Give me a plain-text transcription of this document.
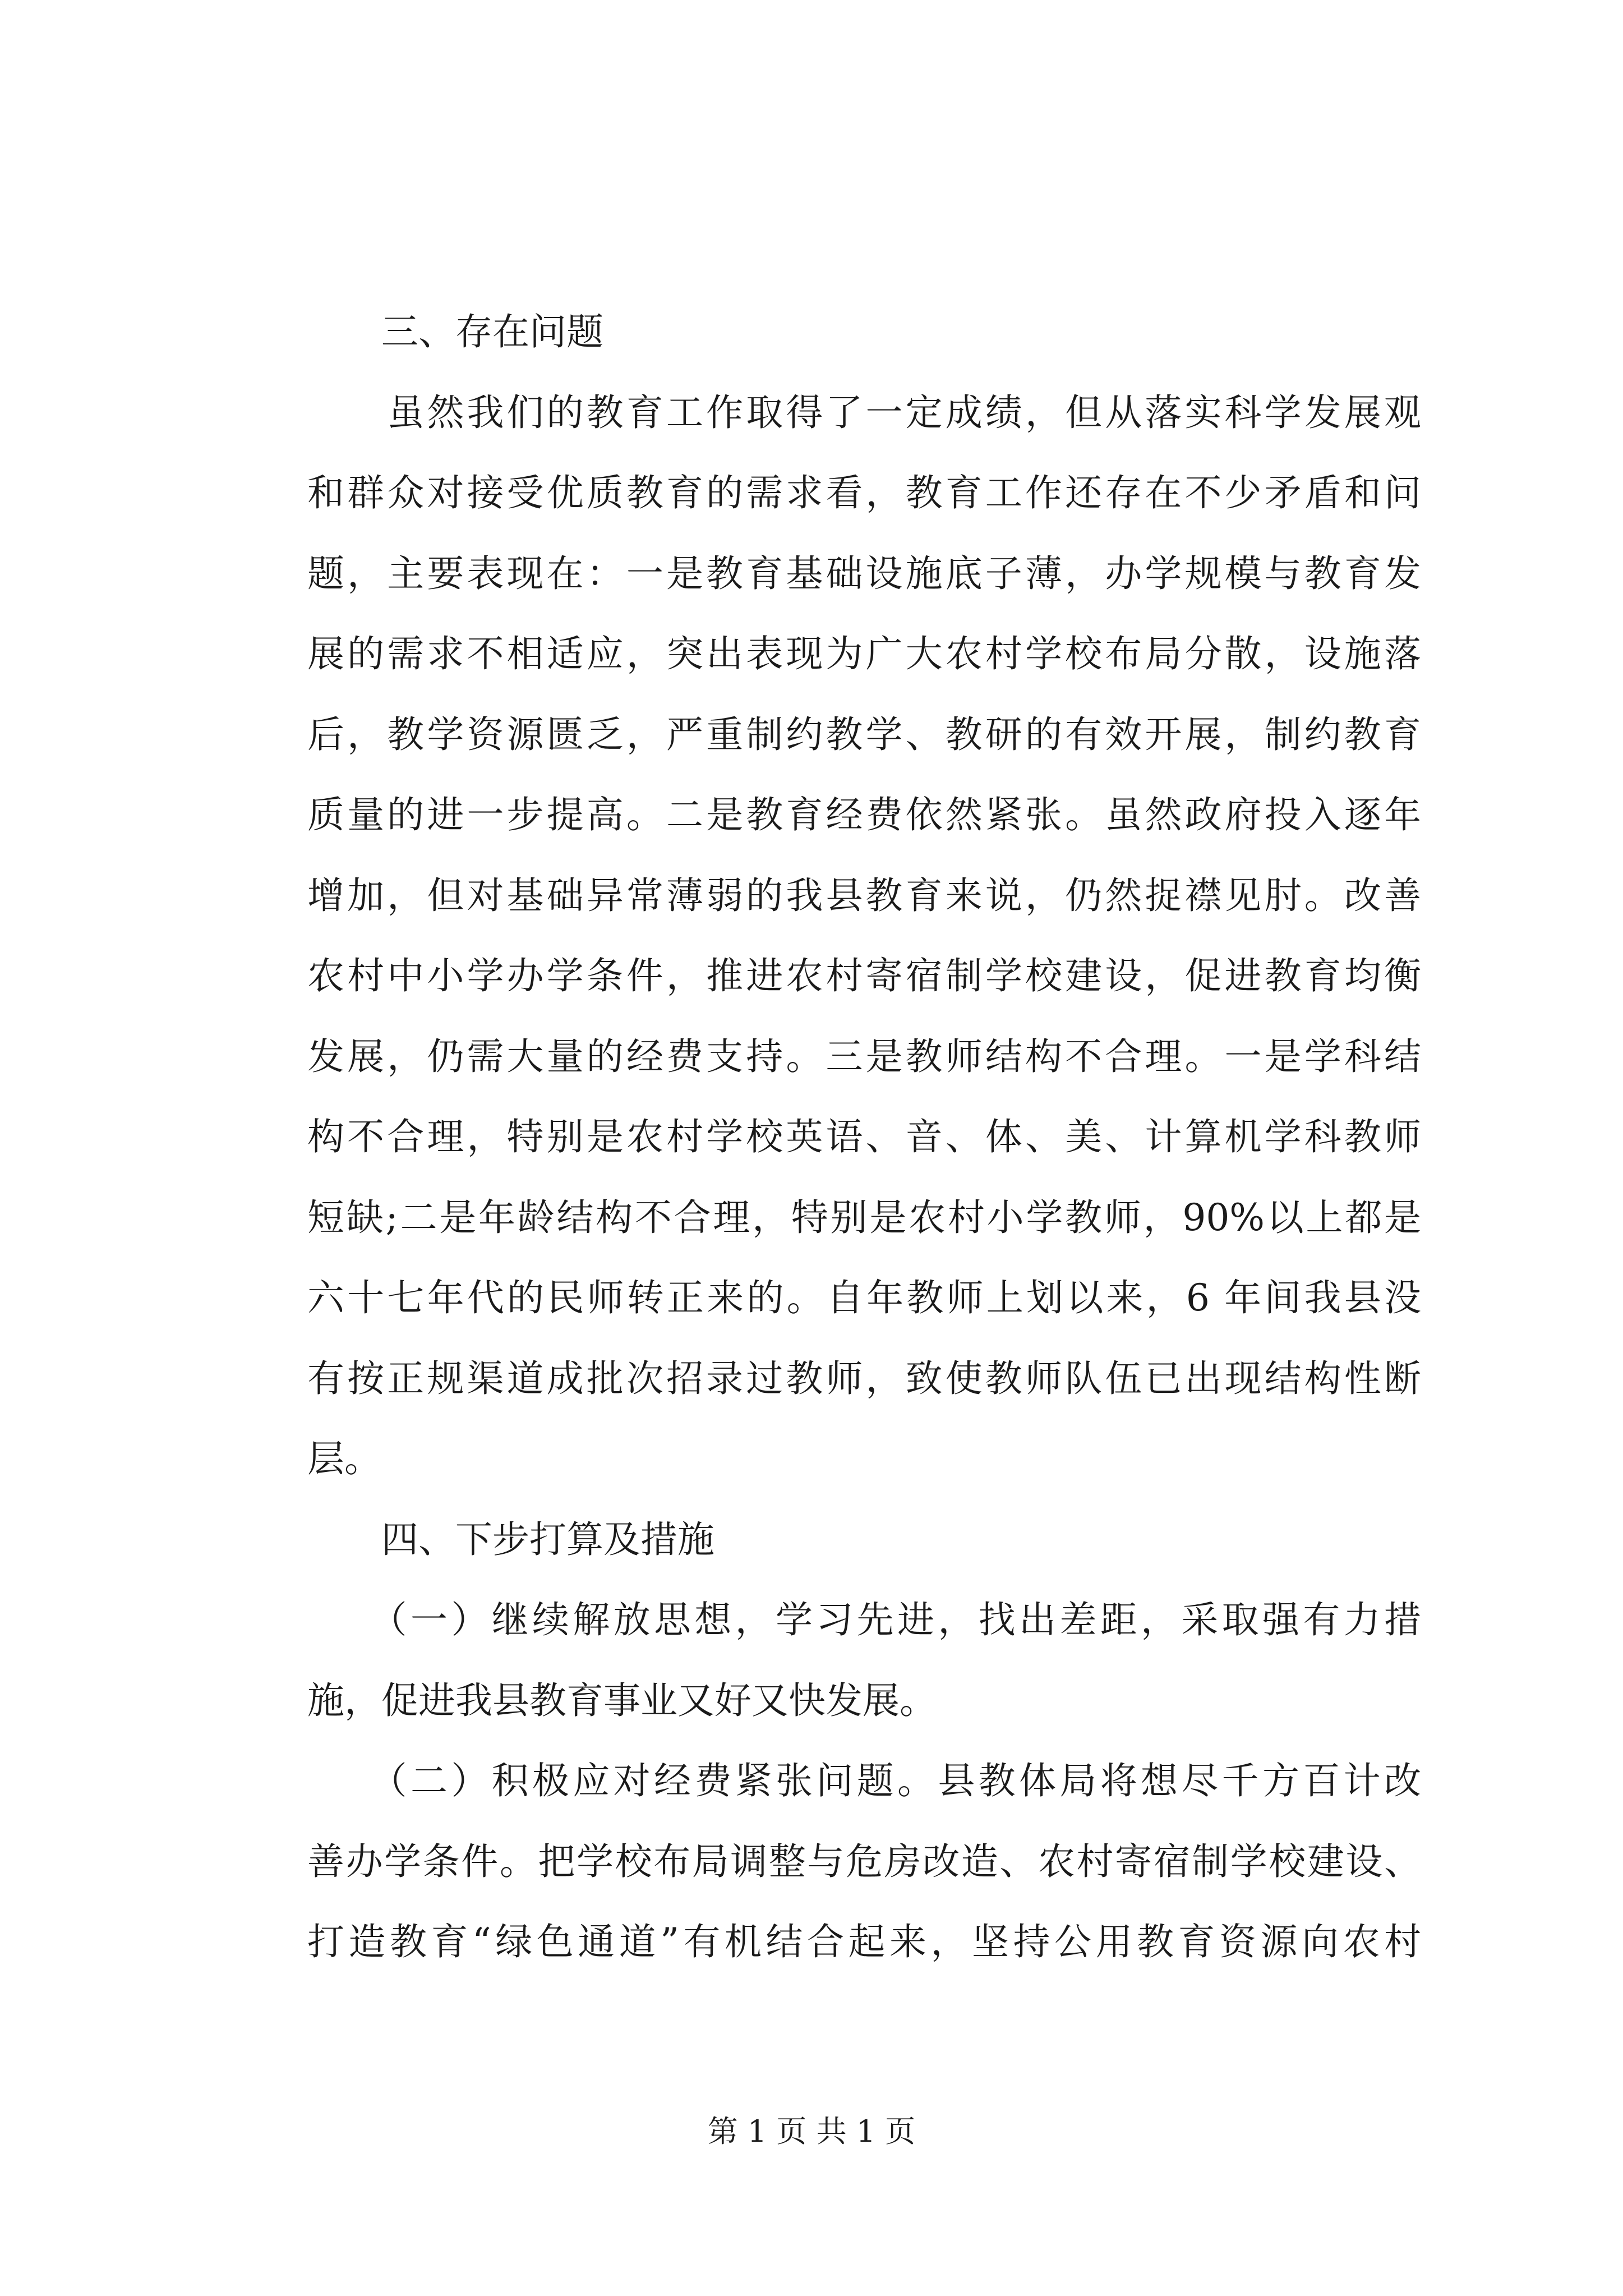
　　三、存在问题
　　虽然我们的教育工作取得了一定成绩，但从落实科学发展观
和群众对接受优质教育的需求看，教育工作还存在不少矛盾和问
题，主要表现在：一是教育基础设施底子薄，办学规模与教育发
展的需求不相适应，突出表现为广大农村学校布局分散，设施落
后，教学资源匮乏，严重制约教学、教研的有效开展，制约教育
质量的进一步提高。二是教育经费依然紧张。虽然政府投入逐年
增加，但对基础异常薄弱的我县教育来说，仍然捉襟见肘。改善
农村中小学办学条件，推进农村寄宿制学校建设，促进教育均衡
发展，仍需大量的经费支持。三是教师结构不合理。一是学科结
构不合理，特别是农村学校英语、音、体、美、计算机学科教师
短缺;二是年龄结构不合理，特别是农村小学教师，90%以上都是
六十七年代的民师转正来的。自年教师上划以来，6 年间我县没
有按正规渠道成批次招录过教师，致使教师队伍已出现结构性断
层。
　　四、下步打算及措施
　　（一）继续解放思想，学习先进，找出差距，采取强有力措
施，促进我县教育事业又好又快发展。
　　（二）积极应对经费紧张问题。县教体局将想尽千方百计改
善办学条件。把学校布局调整与危房改造、农村寄宿制学校建设、
打造教育“绿色通道”有机结合起来，坚持公用教育资源向农村
第 1 页 共 1 页
